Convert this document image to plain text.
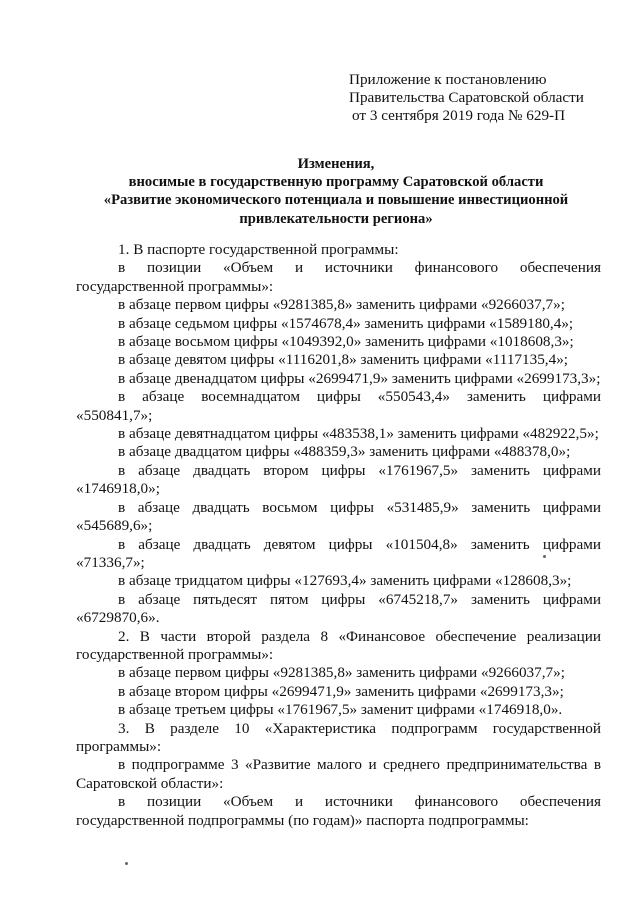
Приложение к постановлению
Правительства Саратовской области
от 3 сентября 2019 года № 629-П
Изменения,
вносимые в государственную программу Саратовской области
«Развитие экономического потенциала и повышение инвестиционной
привлекательности региона»

1. В паспорте государственной программы:

в позиции «Объем и источники финансового обеспечения государственной программы»:

в абзаце первом цифры «9281385,8» заменить цифрами «9266037,7»;

в абзаце седьмом цифры «1574678,4» заменить цифрами «1589180,4»;

в абзаце восьмом цифры «1049392,0» заменить цифрами «1018608,3»;

в абзаце девятом цифры «1116201,8» заменить цифрами «1117135,4»;

в абзаце двенадцатом цифры «2699471,9» заменить цифрами «2699173,3»;

в абзаце восемнадцатом цифры «550543,4» заменить цифрами «550841,7»;

в абзаце девятнадцатом цифры «483538,1» заменить цифрами «482922,5»;

в абзаце двадцатом цифры «488359,3» заменить цифрами «488378,0»;

в абзаце двадцать втором цифры «1761967,5» заменить цифрами «1746918,0»;

в абзаце двадцать восьмом цифры «531485,9» заменить цифрами «545689,6»;

в абзаце двадцать девятом цифры «101504,8» заменить цифрами «71336,7»;

в абзаце тридцатом цифры «127693,4» заменить цифрами «128608,3»;

в абзаце пятьдесят пятом цифры «6745218,7» заменить цифрами «6729870,6».

2. В части второй раздела 8 «Финансовое обеспечение реализации государственной программы»:

в абзаце первом цифры «9281385,8» заменить цифрами «9266037,7»;

в абзаце втором цифры «2699471,9» заменить цифрами «2699173,3»;

в абзаце третьем цифры «1761967,5» заменит цифрами «1746918,0».

3. В разделе 10 «Характеристика подпрограмм государственной программы»:

в подпрограмме 3 «Развитие малого и среднего предпринимательства в Саратовской области»:

в позиции «Объем и источники финансового обеспечения государственной подпрограммы (по годам)» паспорта подпрограммы:
